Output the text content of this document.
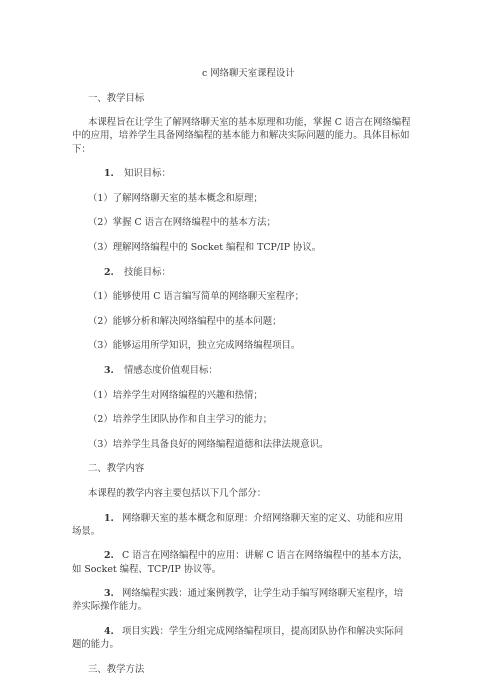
c 网络聊天室课程设计
一、教学目标
本课程旨在让学生了解网络聊天室的基本原理和功能，掌握 C 语言在网络编程
中的应用，培养学生具备网络编程的基本能力和解决实际问题的能力。具体目标如
下：
1. 知识目标：
（1）了解网络聊天室的基本概念和原理；
（2）掌握 C 语言在网络编程中的基本方法；
（3）理解网络编程中的 Socket 编程和 TCP/IP 协议。
2. 技能目标：
（1）能够使用 C 语言编写简单的网络聊天室程序；
（2）能够分析和解决网络编程中的基本问题；
（3）能够运用所学知识，独立完成网络编程项目。
3. 情感态度价值观目标：
（1）培养学生对网络编程的兴趣和热情；
（2）培养学生团队协作和自主学习的能力；
（3）培养学生具备良好的网络编程道德和法律法规意识。
二、教学内容
本课程的教学内容主要包括以下几个部分：
1. 网络聊天室的基本概念和原理：介绍网络聊天室的定义、功能和应用
场景。
2. C 语言在网络编程中的应用：讲解 C 语言在网络编程中的基本方法，
如 Socket 编程、TCP/IP 协议等。
3. 网络编程实践：通过案例教学，让学生动手编写网络聊天室程序，培
养实际操作能力。
4. 项目实践：学生分组完成网络编程项目，提高团队协作和解决实际问
题的能力。
三、教学方法
